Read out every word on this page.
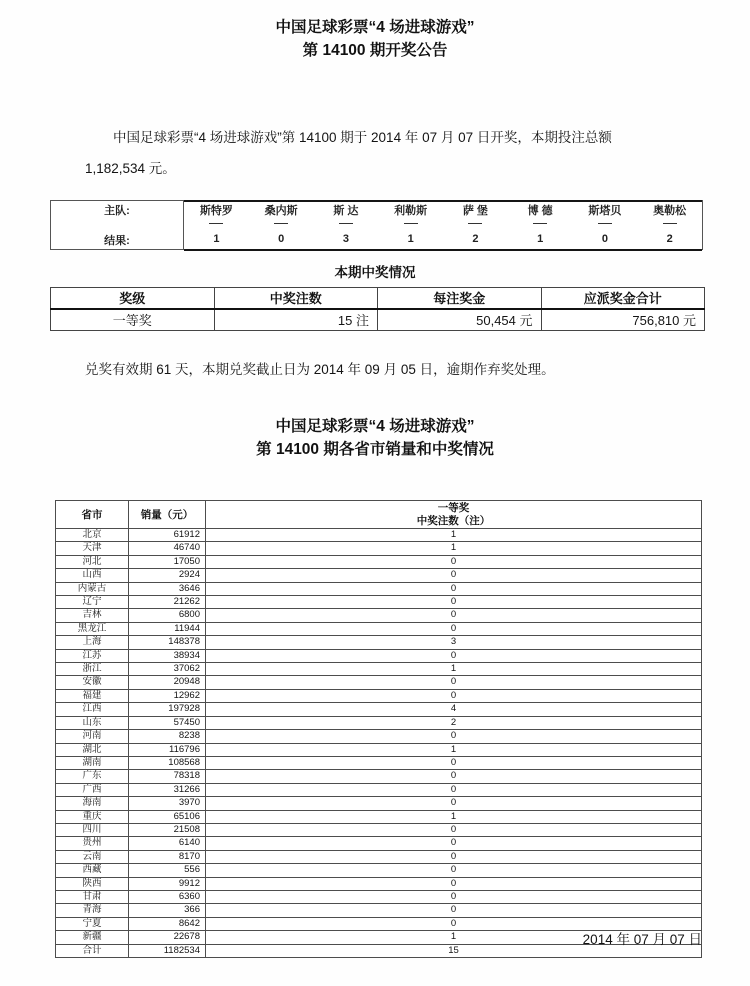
中国足球彩票“4 场进球游戏”
第 14100 期开奖公告
中国足球彩票“4 场进球游戏”第 14100 期于 2014 年 07 月 07 日开奖，本期投注总额
1,182,534 元。
主队:	斯特罗	桑内斯	斯 达	利勒斯	萨 堡	博 德	斯塔贝	奥勒松
结果:	1	0	3	1	2	1	0	2
本期中奖情况
奖级	中奖注数	每注奖金	应派奖金合计
一等奖	15 注	50,454 元	756,810 元
兑奖有效期 61 天，本期兑奖截止日为 2014 年 09 月 05 日，逾期作弃奖处理。
中国足球彩票“4 场进球游戏”
第 14100 期各省市销量和中奖情况
省市	销量（元）	一等奖
中奖注数（注）

北京	61912	1
天津	46740	1
河北	17050	0
山西	2924	0
内蒙古	3646	0
辽宁	21262	0
吉林	6800	0
黑龙江	11944	0
上海	148378	3
江苏	38934	0
浙江	37062	1
安徽	20948	0
福建	12962	0
江西	197928	4
山东	57450	2
河南	8238	0
湖北	116796	1
湖南	108568	0
广东	78318	0
广西	31266	0
海南	3970	0
重庆	65106	1
四川	21508	0
贵州	6140	0
云南	8170	0
西藏	556	0
陕西	9912	0
甘肃	6360	0
青海	366	0
宁夏	8642	0
新疆	22678	1
合计	1182534	15
2014 年 07 月 07 日
